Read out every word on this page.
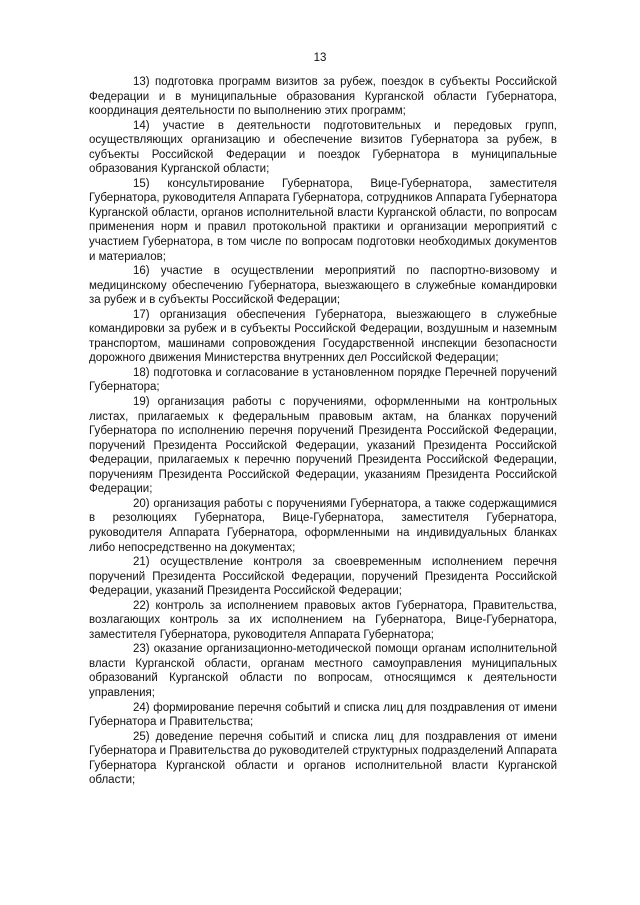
13

13) подготовка программ визитов за рубеж, поездок в субъекты Российской Федерации и в муниципальные образования Курганской области Губернатора, координация деятельности по выполнению этих программ;

14) участие в деятельности подготовительных и передовых групп, осуществляющих организацию и обеспечение визитов Губернатора за рубеж, в субъекты Российской Федерации и поездок Губернатора в муниципальные образования Курганской области;

15) консультирование Губернатора, Вице-Губернатора, заместителя Губернатора, руководителя Аппарата Губернатора, сотрудников Аппарата Губернатора Курганской области, органов исполнительной власти Курганской области, по вопросам применения норм и правил протокольной практики и организации мероприятий с участием Губернатора, в том числе по вопросам подготовки необходимых документов и материалов;

16) участие в осуществлении мероприятий по паспортно-визовому и медицинскому обеспечению Губернатора, выезжающего в служебные командировки за рубеж и в субъекты Российской Федерации;

17) организация обеспечения Губернатора, выезжающего в служебные командировки за рубеж и в субъекты Российской Федерации, воздушным и наземным транспортом, машинами сопровождения Государственной инспекции безопасности дорожного движения Министерства внутренних дел Российской Федерации;

18) подготовка и согласование в установленном порядке Перечней поручений Губернатора;

19) организация работы с поручениями, оформленными на контрольных листах, прилагаемых к федеральным правовым актам, на бланках поручений Губернатора по исполнению перечня поручений Президента Российской Федерации, поручений Президента Российской Федерации, указаний Президента Российской Федерации, прилагаемых к перечню поручений Президента Российской Федерации, поручениям Президента Российской Федерации, указаниям Президента Российской Федерации;

20) организация работы с поручениями Губернатора, а также содержащимися в резолюциях Губернатора, Вице-Губернатора, заместителя Губернатора, руководителя Аппарата Губернатора, оформленными на индивидуальных бланках либо непосредственно на документах;

21) осуществление контроля за своевременным исполнением перечня поручений Президента Российской Федерации, поручений Президента Российской Федерации, указаний Президента Российской Федерации;

22) контроль за исполнением правовых актов Губернатора, Правительства, возлагающих контроль за их исполнением на Губернатора, Вице-Губернатора, заместителя Губернатора, руководителя Аппарата Губернатора;

23) оказание организационно-методической помощи органам исполнительной власти Курганской области, органам местного самоуправления муниципальных образований Курганской области по вопросам, относящимся к деятельности управления;

24) формирование перечня событий и списка лиц для поздравления от имени Губернатора и Правительства;

25) доведение перечня событий и списка лиц для поздравления от имени Губернатора и Правительства до руководителей структурных подразделений Аппарата Губернатора Курганской области и органов исполнительной власти Курганской области;
